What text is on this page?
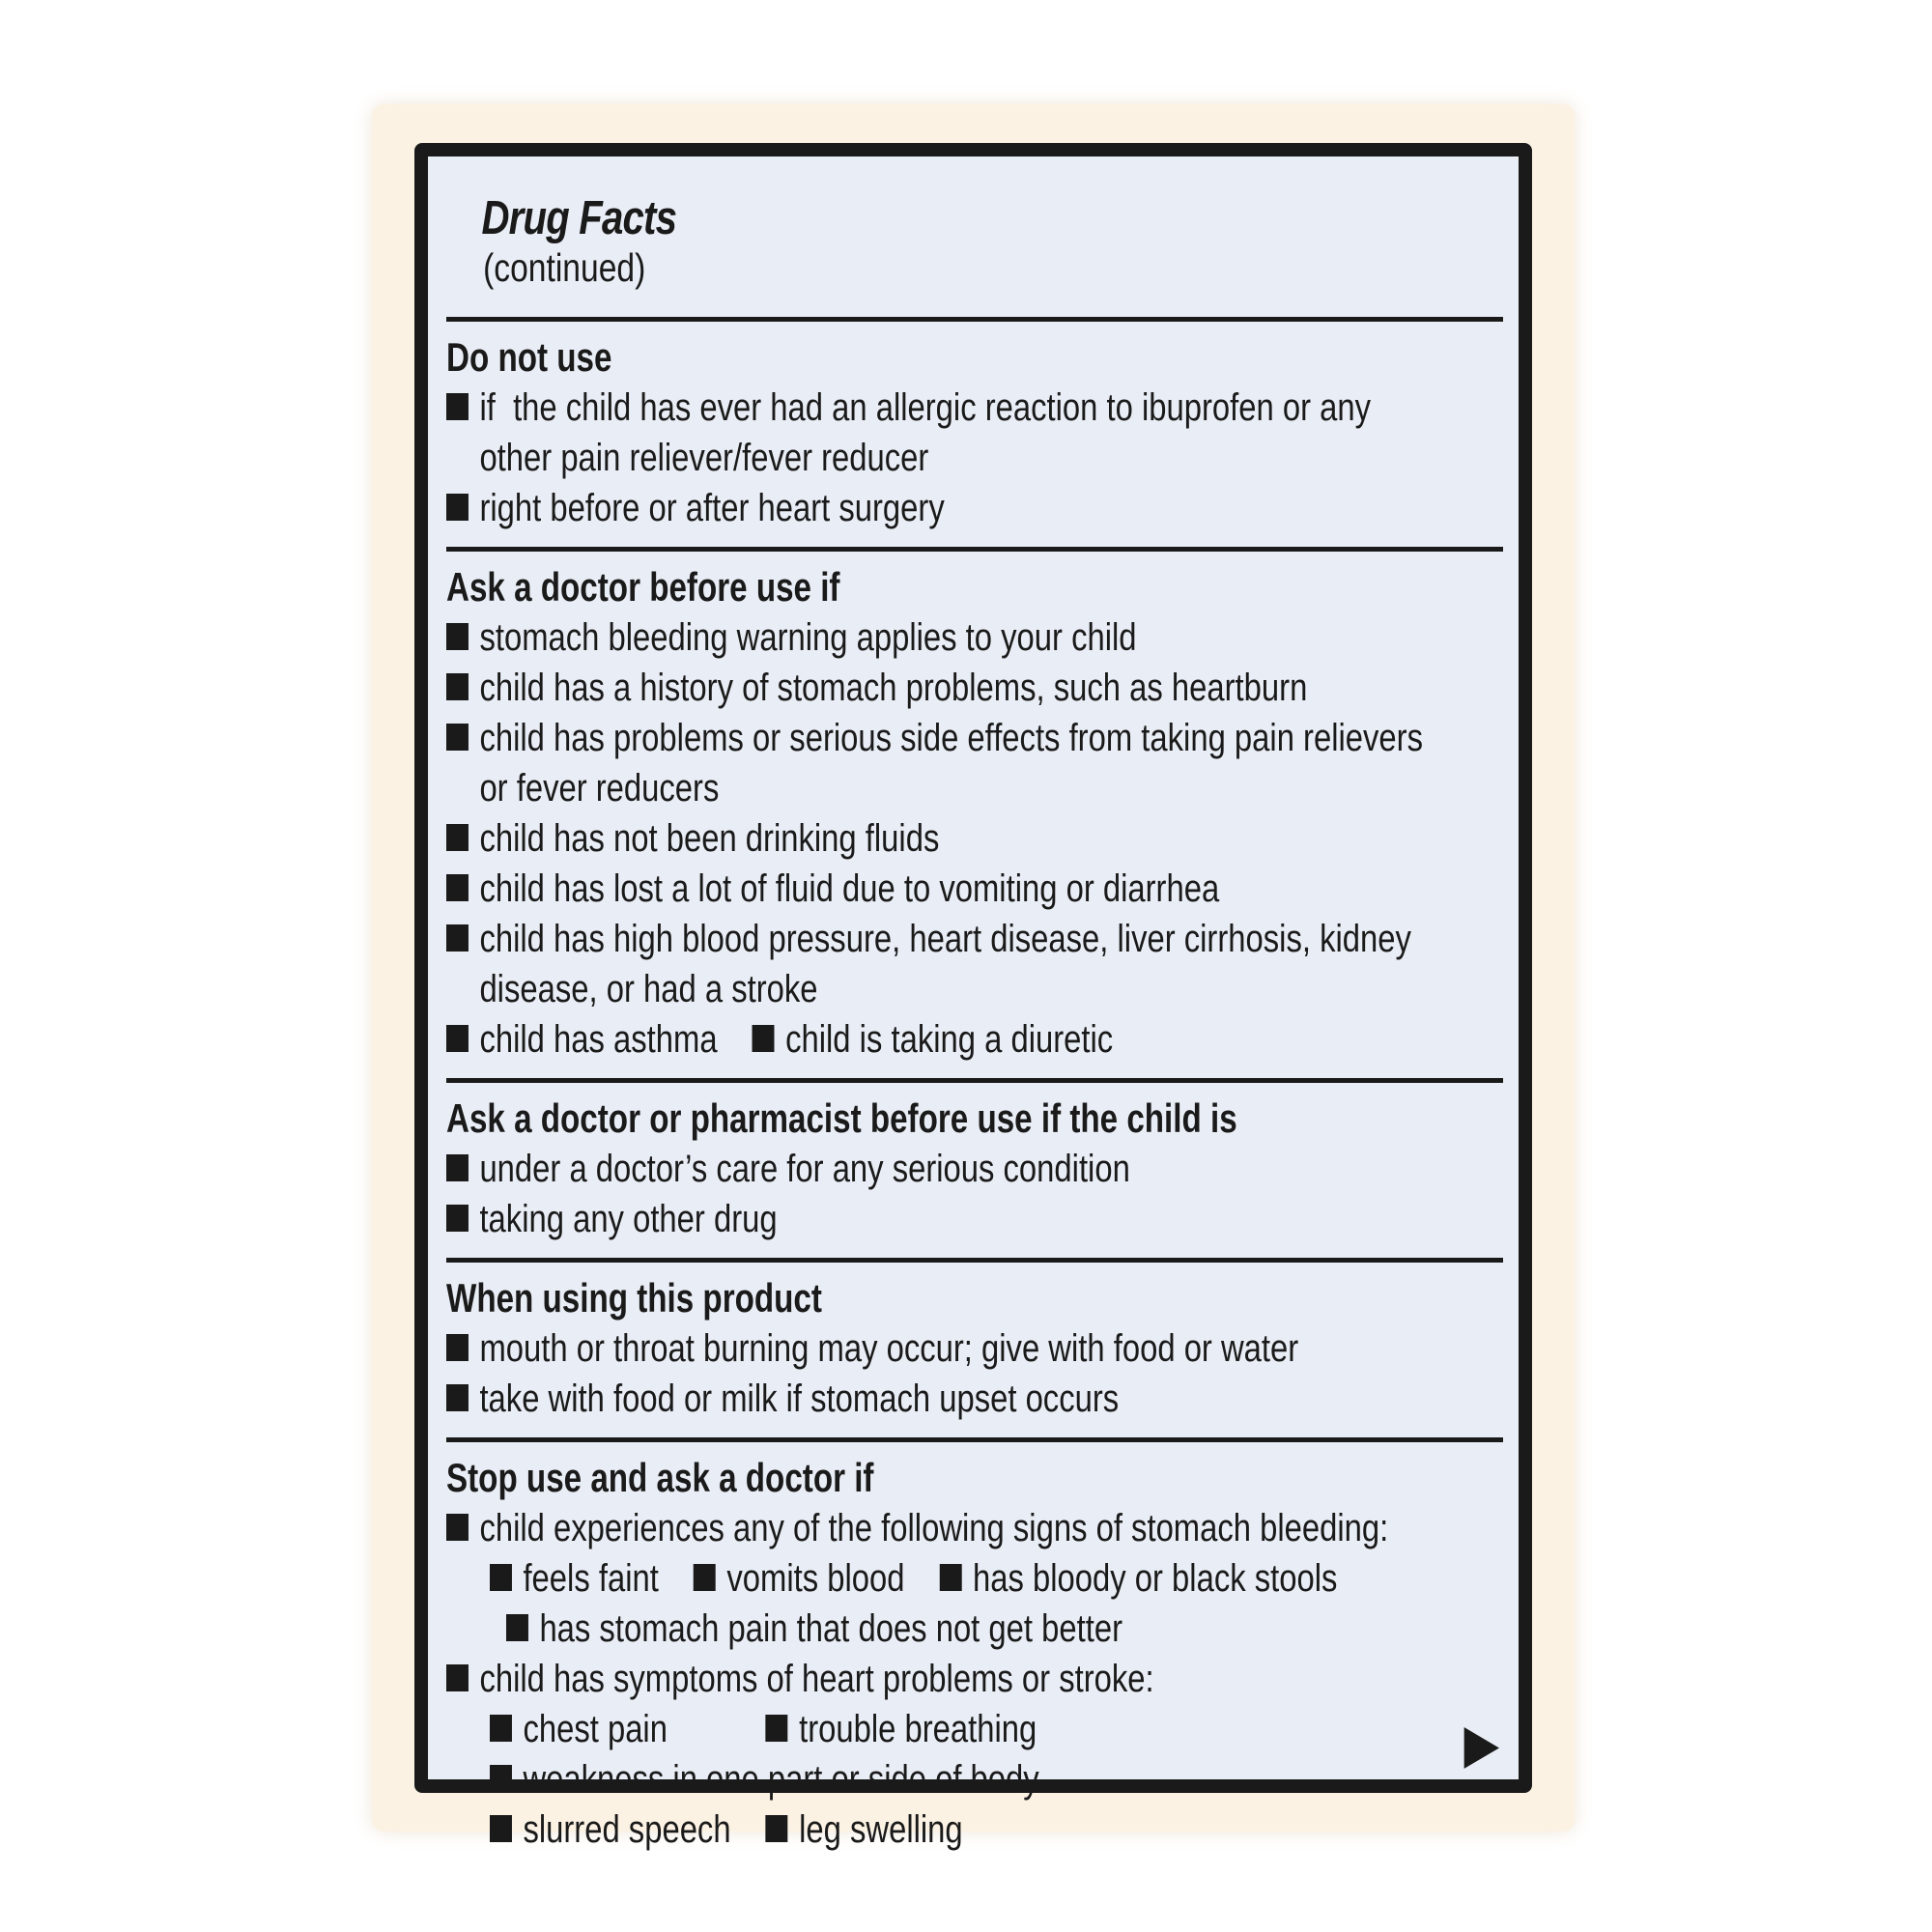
Drug Facts
(continued)

Do not use
if  the child has ever had an allergic reaction to ibuprofen or any
other pain reliever/fever reducer
right before or after heart surgery
Ask a doctor before use if
stomach bleeding warning applies to your child
child has a history of stomach problems, such as heartburn
child has problems or serious side effects from taking pain relievers
or fever reducers
child has not been drinking fluids
child has lost a lot of fluid due to vomiting or diarrhea
child has high blood pressure, heart disease, liver cirrhosis, kidney
disease, or had a stroke
child has asthma child is taking a diuretic
Ask a doctor or pharmacist before use if the child is
under a doctor’s care for any serious condition
taking any other drug
When using this product
mouth or throat burning may occur; give with food or water
take with food or milk if stomach upset occurs
Stop use and ask a doctor if
child experiences any of the following signs of stomach bleeding:
feels faint vomits blood has bloody or black stools
has stomach pain that does not get better
child has symptoms of heart problems or stroke:
chest pain	trouble breathing
weakness in one part or side of body
slurred speech leg swelling
▶
